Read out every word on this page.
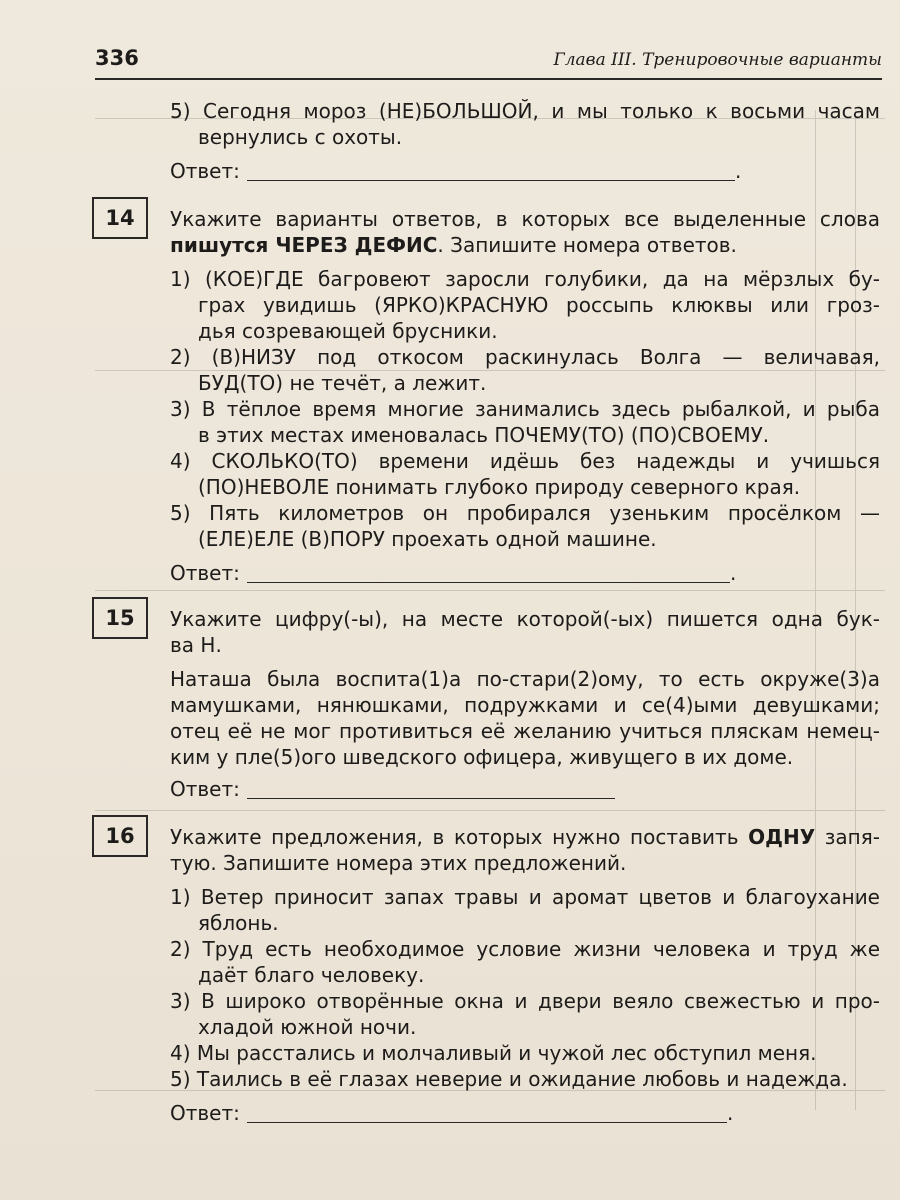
336	Глава III. Тренировочные варианты
5) Сегодня мороз (НЕ)БОЛЬШОЙ, и мы только к восьми часам
вернулись с охоты.
Ответ:	.
14	Укажите варианты ответов, в которых все выделенные слова
пишутся ЧЕРЕЗ ДЕФИС. Запишите номера ответов.
1) (КОЕ)ГДЕ багровеют заросли голубики, да на мёрзлых бу-
грах увидишь (ЯРКО)КРАСНУЮ россыпь клюквы или гроз-
дья созревающей брусники.
2) (В)НИЗУ под откосом раскинулась Волга — величавая,
БУД(ТО) не течёт, а лежит.
3) В тёплое время многие занимались здесь рыбалкой, и рыба
в этих местах именовалась ПОЧЕМУ(ТО) (ПО)СВОЕМУ.
4) СКОЛЬКО(ТО) времени идёшь без надежды и учишься
(ПО)НЕВОЛЕ понимать глубоко природу северного края.
5) Пять километров он пробирался узеньким просёлком —
(ЕЛЕ)ЕЛЕ (В)ПОРУ проехать одной машине.
Ответ:	.
15	Укажите цифру(-ы), на месте которой(-ых) пишется одна бук-
ва Н.
Наташа была воспита(1)а по-стари(2)ому, то есть окруже(3)а
мамушками, нянюшками, подружками и се(4)ыми девушками;
отец её не мог противиться её желанию учиться пляскам немец-
ким у пле(5)ого шведского офицера, живущего в их доме.
Ответ:
16	Укажите предложения, в которых нужно поставить ОДНУ запя-
тую. Запишите номера этих предложений.
1) Ветер приносит запах травы и аромат цветов и благоухание
яблонь.
2) Труд есть необходимое условие жизни человека и труд же
даёт благо человеку.
3) В широко отворённые окна и двери веяло свежестью и про-
хладой южной ночи.
4) Мы расстались и молчаливый и чужой лес обступил меня.
5) Таились в её глазах неверие и ожидание любовь и надежда.
Ответ:	.
